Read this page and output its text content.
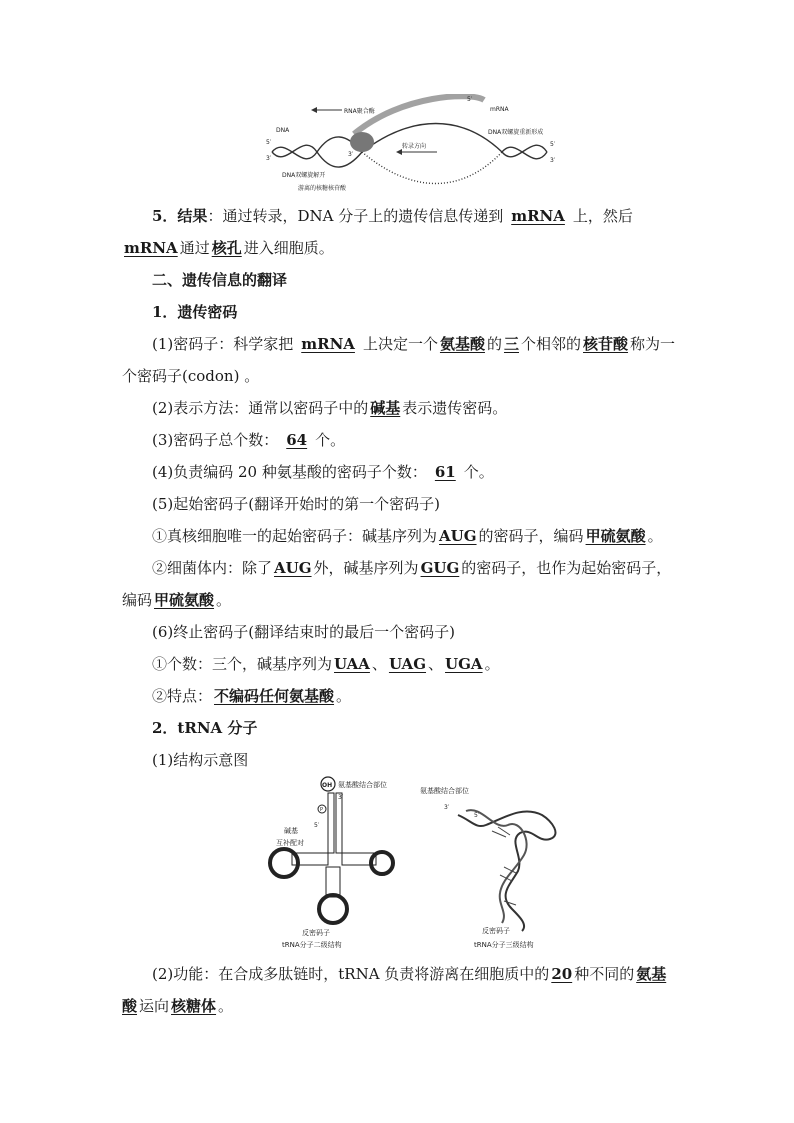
RNA聚合酶	mRNA
5′
DNA
5′
3′
DNA双螺旋重新形成
转录方向
DNA双螺旋解开
游离的核糖核苷酸
5′
3′
3′

5．结果：通过转录，DNA 分子上的遗传信息传递到 mRNA 上，然后mRNA 通过 核孔 进入细胞质。

二、遗传信息的翻译

1．遗传密码

(1)密码子：科学家把 mRNA 上决定一个 氨基酸 的 三 个相邻的 核苷酸 称为一个密码子(codon) 。

(2)表示方法：通常以密码子中的 碱基 表示遗传密码。

(3)密码子总个数： 64 个。

(4)负责编码 20 种氨基酸的密码子个数： 61 个。

(5)起始密码子(翻译开始时的第一个密码子)

①真核细胞唯一的起始密码子：碱基序列为 AUG 的密码子，编码 甲硫氨酸 。

②细菌体内：除了 AUG 外，碱基序列为 GUG 的密码子，也作为起始密码子，编码 甲硫氨酸 。

(6)终止密码子(翻译结束时的最后一个密码子)

①个数：三个，碱基序列为 UAA 、 UAG 、 UGA 。

②特点： 不编码任何氨基酸 。

2．tRNA 分子

(1)结构示意图

OH 氨基酸结合部位
3′
P
5′
碱基
互补配对
反密码子
tRNA分子二级结构
氨基酸结合部位
3′
5′
反密码子
tRNA分子三级结构

(2)功能：在合成多肽链时，tRNA 负责将游离在细胞质中的 20 种不同的 氨基酸 运向 核糖体 。
